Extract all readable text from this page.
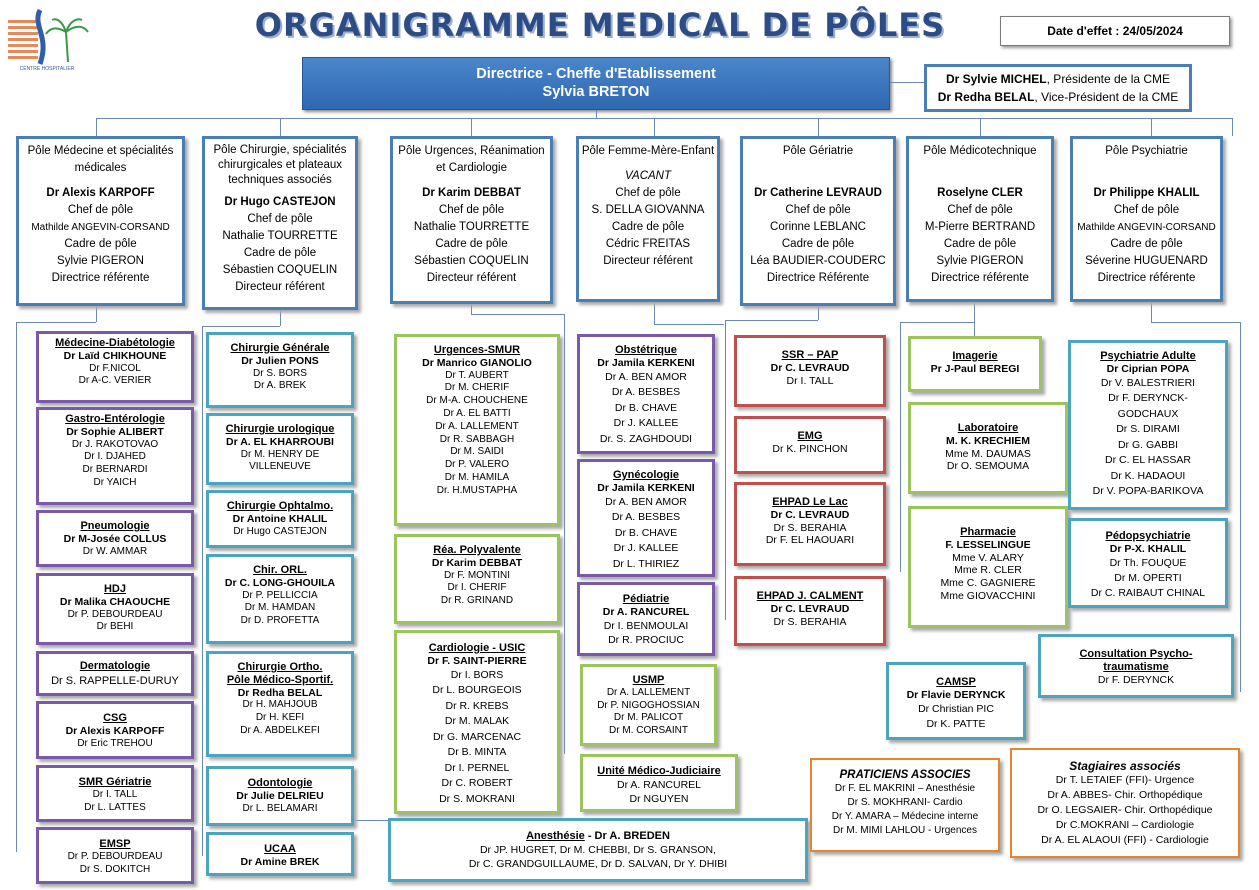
CENTRE HOSPITALIER
ORGANIGRAMME MEDICAL DE PÔLES	Date d'effet : 24/05/2024
Directrice - Cheffe d'Etablissement
Sylvia BRETON
Dr Sylvie MICHEL, Présidente de la CME
Dr Redha BELAL, Vice-Président de la CME
Pôle Médecine et spécialités médicales
Dr Alexis KARPOFF
Chef de pôle
Mathilde ANGEVIN-CORSAND
Cadre de pôle
Sylvie PIGERON
Directrice référente
Pôle Chirurgie, spécialités chirurgicales et plateaux techniques associés
Dr Hugo CASTEJON
Chef de pôle
Nathalie TOURRETTE
Cadre de pôle
Sébastien COQUELIN
Directeur référent
Pôle Urgences, Réanimation et Cardiologie
Dr Karim DEBBAT
Chef de pôle
Nathalie TOURRETTE
Cadre de pôle
Sébastien COQUELIN
Directeur référent
Pôle Femme-Mère-Enfant
VACANT
Chef de pôle
S. DELLA GIOVANNA
Cadre de pôle
Cédric FREITAS
Directeur référent
Pôle Gériatrie
Dr Catherine LEVRAUD
Chef de pôle
Corinne LEBLANC
Cadre de pôle
Léa BAUDIER-COUDERC
Directrice Référente
Pôle Médicotechnique
Roselyne CLER
Chef de pôle
M-Pierre BERTRAND
Cadre de pôle
Sylvie PIGERON
Directrice référente
Pôle Psychiatrie
Dr Philippe KHALIL
Chef de pôle
Mathilde ANGEVIN-CORSAND
Cadre de pôle
Séverine HUGUENARD
Directrice référente
Médecine-Diabétologie
Dr Laïd CHIKHOUNE
Dr F.NICOL
Dr A-C. VERIER
Gastro-Entérologie
Dr Sophie ALIBERT
Dr J. RAKOTOVAO
Dr I. DJAHED
Dr BERNARDI
Dr YAICH
Pneumologie
Dr M-Josée COLLUS
Dr W. AMMAR
HDJ
Dr Malika CHAOUCHE
Dr P. DEBOURDEAU
Dr BEHI
Dermatologie
Dr S. RAPPELLE-DURUY
CSG
Dr Alexis KARPOFF
Dr Eric TREHOU
SMR Gériatrie
Dr I. TALL
Dr L. LATTES
EMSP
Dr P. DEBOURDEAU
Dr S. DOKITCH
Chirurgie Générale
Dr Julien PONS
Dr S. BORS
Dr A. BREK
Chirurgie urologique
Dr A. EL KHARROUBI
Dr M. HENRY DE
VILLENEUVE
Chirurgie Ophtalmo.
Dr Antoine KHALIL
Dr Hugo CASTEJON
Chir. ORL.
Dr C. LONG-GHOUILA
Dr P. PELLICCIA
Dr M. HAMDAN
Dr D. PROFETTA
Chirurgie Ortho.
Pôle Médico-Sportif.
Dr Redha BELAL
Dr H. MAHJOUB
Dr H. KEFI
Dr A. ABDELKEFI
Odontologie
Dr Julie DELRIEU
Dr L. BELAMARI
UCAA
Dr Amine BREK
Urgences-SMUR
Dr Manrico GIANOLIO
Dr T. AUBERT
Dr M. CHERIF
Dr M-A. CHOUCHENE
Dr A. EL BATTI
Dr A. LALLEMENT
Dr R. SABBAGH
Dr M. SAIDI
Dr P. VALERO
Dr M. HAMILA
Dr. H.MUSTAPHA
Réa. Polyvalente
Dr Karim DEBBAT
Dr F. MONTINI
Dr I. CHERIF
Dr R. GRINAND
Cardiologie - USIC
Dr F. SAINT-PIERRE
Dr I. BORS
Dr L. BOURGEOIS
Dr R. KREBS
Dr M. MALAK
Dr G. MARCENAC
Dr B. MINTA
Dr I. PERNEL
Dr C. ROBERT
Dr S. MOKRANI
Obstétrique
Dr Jamila KERKENI
Dr A. BEN AMOR
Dr A. BESBES
Dr B. CHAVE
Dr J. KALLEE
Dr. S. ZAGHDOUDI
Gynécologie
Dr Jamila KERKENI
Dr A. BEN AMOR
Dr A. BESBES
Dr B. CHAVE
Dr J. KALLEE
Dr L. THIRIEZ
Pédiatrie
Dr A. RANCUREL
Dr I. BENMOULAI
Dr R. PROCIUC
USMP
Dr A. LALLEMENT
Dr P. NIGOGHOSSIAN
Dr M. PALICOT
Dr M. CORSAINT
Unité Médico-Judiciaire
Dr A. RANCUREL
Dr NGUYEN
SSR – PAP
Dr C. LEVRAUD
Dr I. TALL
EMG
Dr K. PINCHON
EHPAD Le Lac
Dr C. LEVRAUD
Dr S. BERAHIA
Dr F. EL HAOUARI
EHPAD J. CALMENT
Dr C. LEVRAUD
Dr S. BERAHIA
Imagerie
Pr J-Paul BEREGI
Laboratoire
M. K. KRECHIEM
Mme M. DAUMAS
Dr O. SEMOUMA
Pharmacie
F. LESSELINGUE
Mme V. ALARY
Mme R. CLER
Mme C. GAGNIERE
Mme GIOVACCHINI
Psychiatrie Adulte
Dr Ciprian POPA
Dr V. BALESTRIERI
Dr F. DERYNCK-
GODCHAUX
Dr S. DIRAMI
Dr G. GABBI
Dr C. EL HASSAR
Dr K. HADAOUI
Dr V. POPA-BARIKOVA
Pédopsychiatrie
Dr P-X. KHALIL
Dr Th. FOUQUE
Dr M. OPERTI
Dr C. RAIBAUT CHINAL
Consultation Psycho-
traumatisme
Dr F. DERYNCK
CAMSP
Dr Flavie DERYNCK
Dr Christian PIC
Dr K. PATTE
Anesthésie - Dr A. BREDEN
Dr JP. HUGRET, Dr M. CHEBBI, Dr S. GRANSON,
Dr C. GRANDGUILLAUME, Dr D. SALVAN, Dr Y. DHIBI
PRATICIENS ASSOCIES
Dr F. EL MAKRINI – Anesthésie
Dr S. MOKHRANI- Cardio
Dr Y. AMARA – Médecine interne
Dr M. MIMI LAHLOU - Urgences
Stagiaires associés
Dr T. LETAIEF (FFI)- Urgence
Dr A. ABBES- Chir. Orthopédique
Dr O. LEGSAIER- Chir. Orthopédique
Dr C.MOKRANI – Cardiologie
Dr A. EL ALAOUI (FFI) - Cardiologie
